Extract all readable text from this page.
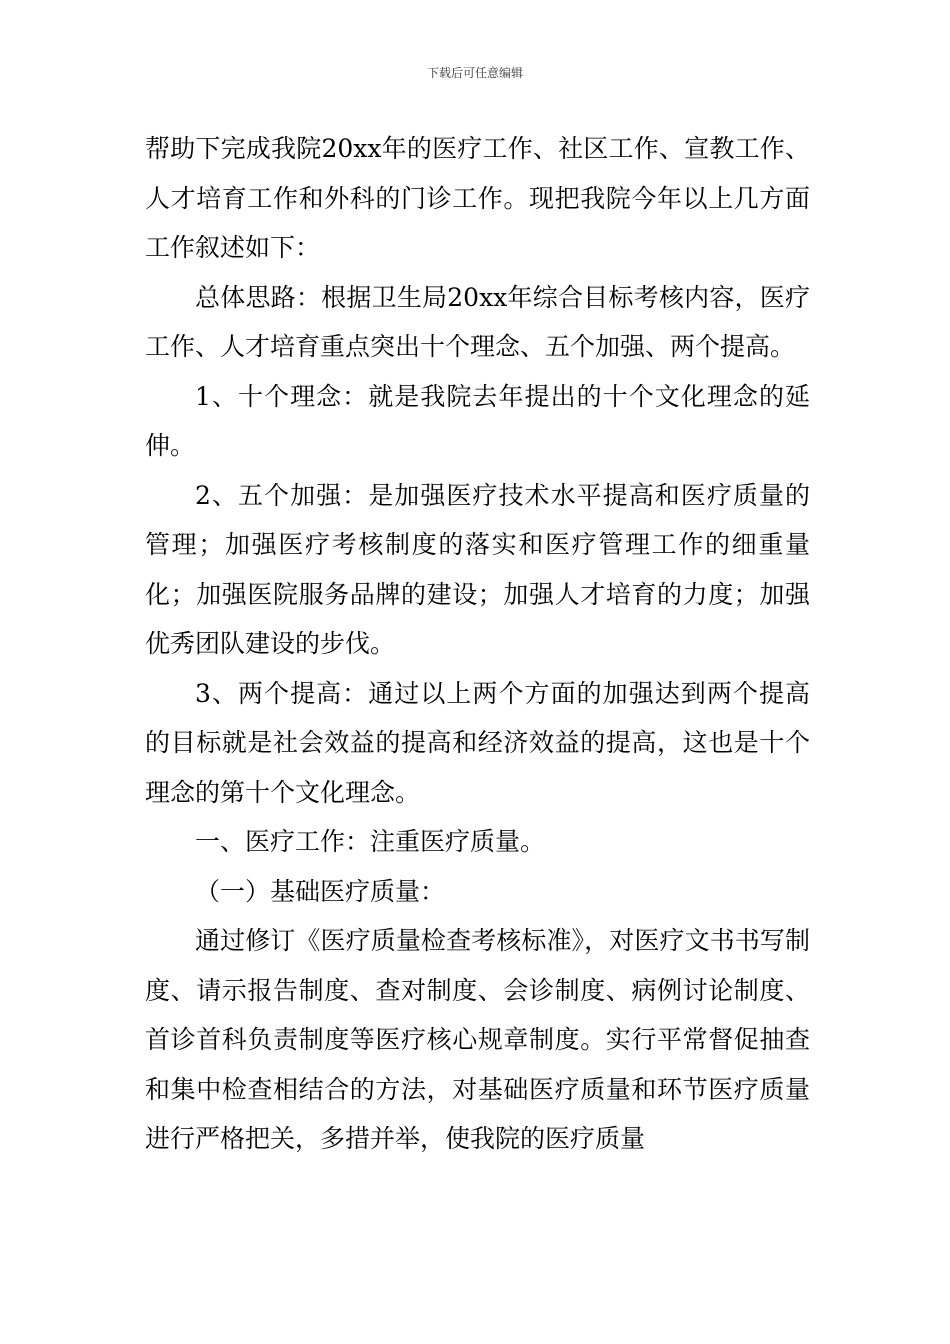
下载后可任意编辑

帮助下完成我院20xx年的医疗工作、社区工作、宣教工作、人才培育工作和外科的门诊工作。现把我院今年以上几方面工作叙述如下：

总体思路：根据卫生局20xx年综合目标考核内容，医疗工作、人才培育重点突出十个理念、五个加强、两个提高。

1、十个理念：就是我院去年提出的十个文化理念的延伸。

2、五个加强：是加强医疗技术水平提高和医疗质量的管理；加强医疗考核制度的落实和医疗管理工作的细重量化；加强医院服务品牌的建设；加强人才培育的力度；加强优秀团队建设的步伐。

3、两个提高：通过以上两个方面的加强达到两个提高的目标就是社会效益的提高和经济效益的提高，这也是十个理念的第十个文化理念。

一、医疗工作：注重医疗质量。

（一）基础医疗质量：

通过修订《医疗质量检查考核标准》，对医疗文书书写制度、请示报告制度、查对制度、会诊制度、病例讨论制度、首诊首科负责制度等医疗核心规章制度。实行平常督促抽查和集中检查相结合的方法，对基础医疗质量和环节医疗质量进行严格把关，多措并举，使我院的医疗质量
